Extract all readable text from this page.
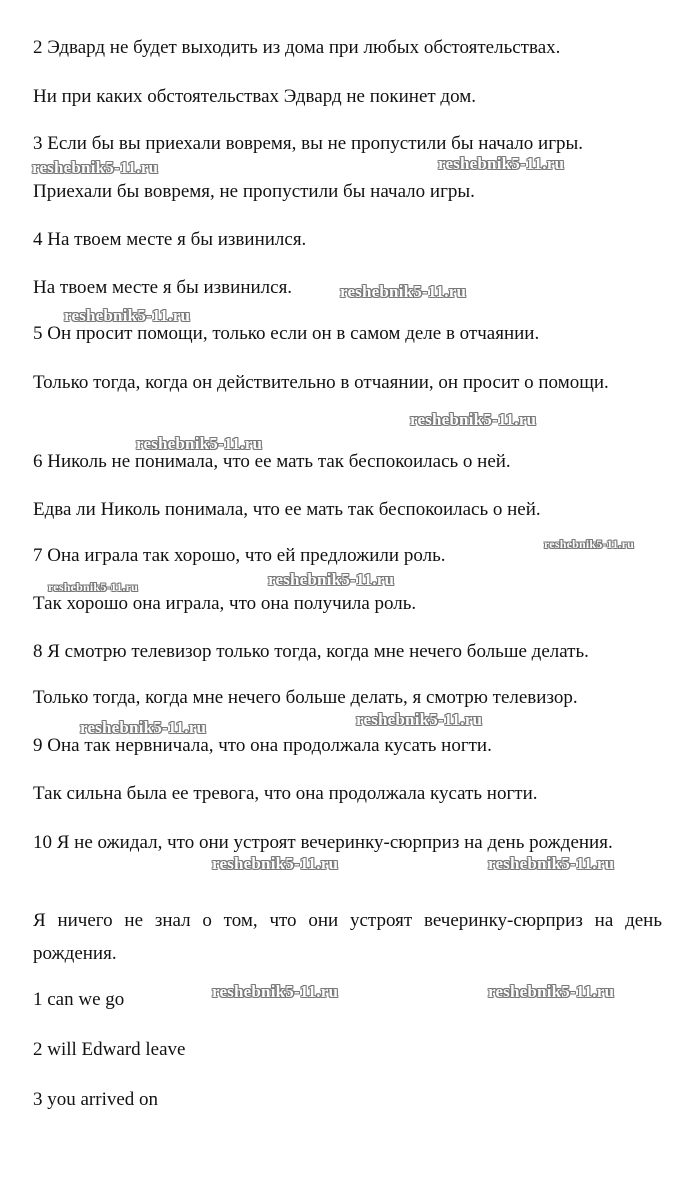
2 Эдвард не будет выходить из дома при любых обстоятельствах.
Ни при каких обстоятельствах Эдвард не покинет дом.
3 Если бы вы приехали вовремя, вы не пропустили бы начало игры.
Приехали бы вовремя, не пропустили бы начало игры.
4 На твоем месте я бы извинился.
На твоем месте я бы извинился.
5 Он просит помощи, только если он в самом деле в отчаянии.
Только тогда, когда он действительно в отчаянии, он просит о помощи.
6 Николь не понимала, что ее мать так беспокоилась о ней.
Едва ли Николь понимала, что ее мать так беспокоилась о ней.
7 Она играла так хорошо, что ей предложили роль.
Так хорошо она играла, что она получила роль.
8 Я смотрю телевизор только тогда, когда мне нечего больше делать.
Только тогда, когда мне нечего больше делать, я смотрю телевизор.
9 Она так нервничала, что она продолжала кусать ногти.
Так сильна была ее тревога, что она продолжала кусать ногти.
10 Я не ожидал, что они устроят вечеринку-сюрприз на день рождения.
Я ничего не знал о том, что они устроят вечеринку-сюрприз на день рождения.
1 can we go
2 will Edward leave
3 you arrived on
reshebnik5-11.ru	reshebnik5-11.ru
reshebnik5-11.ru
reshebnik5-11.ru
reshebnik5-11.ru
reshebnik5-11.ru
reshebnik5-11.ru
reshebnik5-11.ru
reshebnik5-11.ru
reshebnik5-11.ru	reshebnik5-11.ru
reshebnik5-11.ru	reshebnik5-11.ru
reshebnik5-11.ru	reshebnik5-11.ru
